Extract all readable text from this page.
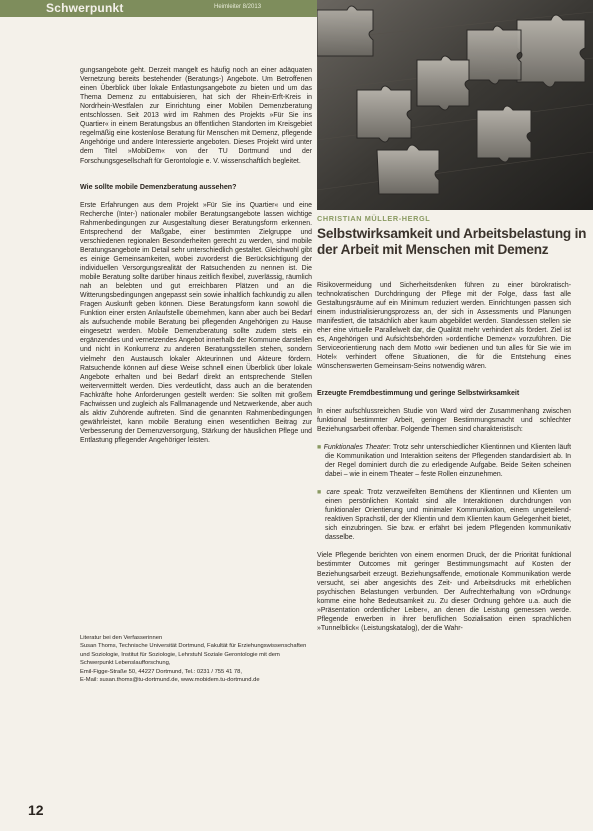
Schwerpunkt	Heimleiter 8/2013

gungsangebote geht. Derzeit mangelt es häufig noch an einer adäquaten Vernetzung bereits bestehender (Beratungs-) Angebote. Um Betroffenen einen Überblick über lokale Entlastungsangebote zu bieten und um das Thema Demenz zu enttabuisieren, hat sich der Rhein-Erft-Kreis in Nordrhein-Westfalen zur Einrichtung einer Mobilen Demenzberatung entschlossen. Seit 2013 wird im Rahmen des Projekts »Für Sie ins Quartier« in einem Beratungsbus an öffentlichen Standorten im Kreisgebiet regelmäßig eine kostenlose Beratung für Menschen mit Demenz, pflegende Angehörige und andere Interessierte angeboten. Dieses Projekt wird unter dem Titel »MobiDem« von der TU Dortmund und der Forschungsgesellschaft für Gerontologie e. V. wissenschaftlich begleitet.

Wie sollte mobile Demenzberatung aussehen?

Erste Erfahrungen aus dem Projekt »Für Sie ins Quartier« und eine Recherche (Inter-) nationaler mobiler Beratungsangebote lassen wichtige Rahmenbedingungen zur Ausgestaltung dieser Beratungsform erkennen. Entsprechend der Maßgabe, einer bestimmten Zielgruppe und verschiedenen regionalen Besonderheiten gerecht zu werden, sind mobile Beratungsangebote im Detail sehr unterschiedlich gestaltet. Gleichwohl gibt es einige Gemeinsamkeiten, wobei zuvorderst die Berücksichtigung der individuellen Versorgungsrealität der Ratsuchenden zu nennen ist. Die mobile Beratung sollte darüber hinaus zeitlich flexibel, zuverlässig, räumlich nah an belebten und gut erreichbaren Plätzen und an die Witterungsbedingungen angepasst sein sowie inhaltlich fachkundig zu allen Fragen Auskunft geben können. Diese Beratungsform kann sowohl die Funktion einer ersten Anlaufstelle übernehmen, kann aber auch bei Bedarf als aufsuchende mobile Beratung bei pflegenden Angehörigen zu Hause eingesetzt werden. Mobile Demenzberatung sollte zudem stets ein ergänzendes und vernetzendes Angebot innerhalb der Kommune darstellen und nicht in Konkurrenz zu anderen Beratungsstellen stehen, sondern vielmehr den Austausch lokaler Akteurinnen und Akteure fördern. Ratsuchende können auf diese Weise schnell einen Überblick über lokale Angebote erhalten und bei Bedarf direkt an entsprechende Stellen weitervermittelt werden. Dies verdeutlicht, dass auch an die beratenden Fachkräfte hohe Anforderungen gestellt werden: Sie sollten mit großem Fachwissen und zugleich als Fallmanagende und Netzwerkende, aber auch als aktiv Zuhörende auftreten. Sind die genannten Rahmenbedingungen gewährleistet, kann mobile Beratung einen wesentlichen Beitrag zur Verbesserung der Demenzversorgung, Stärkung der häuslichen Pflege und Entlastung pflegender Angehöriger leisten.

Literatur bei den Verfasserinnen
Susan Thoms, Technische Universität Dortmund, Fakultät für Erziehungswissenschaften und Soziologie, Institut für Soziologie, Lehrstuhl Soziale Gerontologie mit dem Schwerpunkt Lebenslaufforschung,
Emil-Figge-Straße 50, 44227 Dortmund, Tel.: 0231 / 755 41 78,
E-Mail: susan.thoms@tu-dortmund.de, www.mobidem.tu-dortmund.de
CHRISTIAN MÜLLER-HERGL
Selbstwirksamkeit und Arbeitsbelastung in der Arbeit mit Menschen mit Demenz

Risikovermeidung und Sicherheitsdenken führen zu einer bürokratisch-technokratischen Durchdringung der Pflege mit der Folge, dass fast alle Gestaltungsräume auf ein Minimum reduziert werden. Einrichtungen passen sich einem industrialisierungsprozess an, der sich in Assessments und Planungen manifestiert, die tatsächlich aber kaum abgebildet werden. Standessen stellen sie eher eine virtuelle Parallelwelt dar, die Qualität mehr verhindert als fördert. Ziel ist es, Angehörigen und Aufsichtsbehörden »ordentliche Demenz« vorzuführen. Die Serviceorientierung nach dem Motto »wir bedienen und tun alles für Sie wie im Hotel« verhindert offene Situationen, die für die Entstehung eines wünschenswerten Gemeinsam-Seins notwendig wären.

Erzeugte Fremdbestimmung und geringe Selbstwirksamkeit

In einer aufschlussreichen Studie von Ward wird der Zusammenhang zwischen funktional bestimmter Arbeit, geringer Bestimmungsmacht und schlechter Beziehungsarbeit offenbar. Folgende Themen sind charakteristisch:

■ Funktionales Theater: Trotz sehr unterschiedlicher Klientinnen und Klienten läuft die Kommunikation und Interaktion seitens der Pflegenden standardisiert ab. In der Regel dominiert durch die zu erledigende Aufgabe. Beide Seiten scheinen dabei – wie in einem Theater – feste Rollen einzunehmen.

■ care speak: Trotz verzweifelten Bemühens der Klientinnen und Klienten um einen persönlichen Kontakt sind alle Interaktionen durchdrungen von funktionaler Orientierung und minimaler Kommunikation, einem ungeteilend-reaktiven Sprachstil, der der Klientin und dem Klienten kaum Gelegenheit bietet, sich einzubringen. Sie bzw. er erfährt bei jedem Pflegenden kommunikativ dasselbe.

Viele Pflegende berichten von einem enormen Druck, der die Priorität funktional bestimmter Outcomes mit geringer Bestimmungsmacht auf Kosten der Beziehungsarbeit erzeugt. Beziehungsaffende, emotionale Kommunikation werde versucht, sei aber angesichts des Zeit- und Arbeitsdrucks mit erheblichen psychischen Belastungen verbunden. Der Aufrechterhaltung von »Ordnung« komme eine hohe Bedeutsamkeit zu. Zu dieser Ordnung gehöre u.a. auch die »Präsentation ordentlicher Leiber«, an denen die Leistung gemessen werde. Pflegende erwerben in ihrer beruflichen Sozialisation einen sprachlichen »Tunnelblick« (Leistungskatalog), der die Wahr-

12
